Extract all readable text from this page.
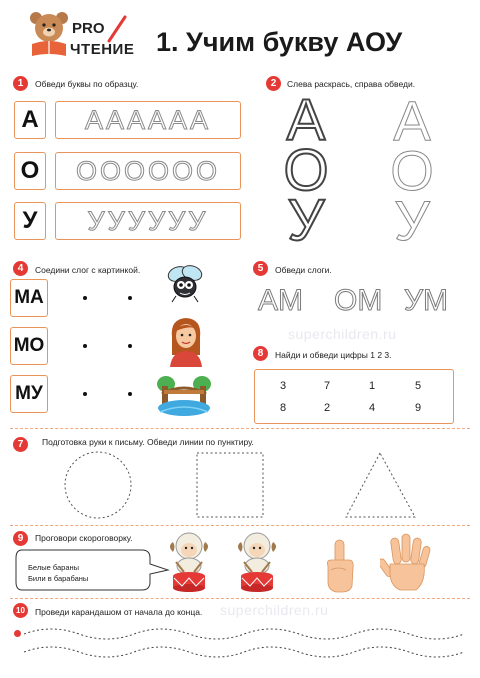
PRO
ЧТЕНИЕ 1. Учим букву АОУ
1	Обведи буквы по образцу.
А	АААААА
О	ОООООО
У	УУУУУУ
2	Слева раскрась, справа обведи.
А
О
У
А
О
У
4	Соедини слог с картинкой.
МА
МО
МУ
5	Обведи слоги.
АМ ОМ УМ
superchildren.ru
8	Найди и обведи цифры 1 2 3.
3	7	1	5
8	2	4	9
7	Подготовка руки к письму. Обведи линии по пунктиру.
9	Проговори скороговорку.
Белые бараны
Били в барабаны
10	Проведи карандашом от начала до конца. superchildren.ru
